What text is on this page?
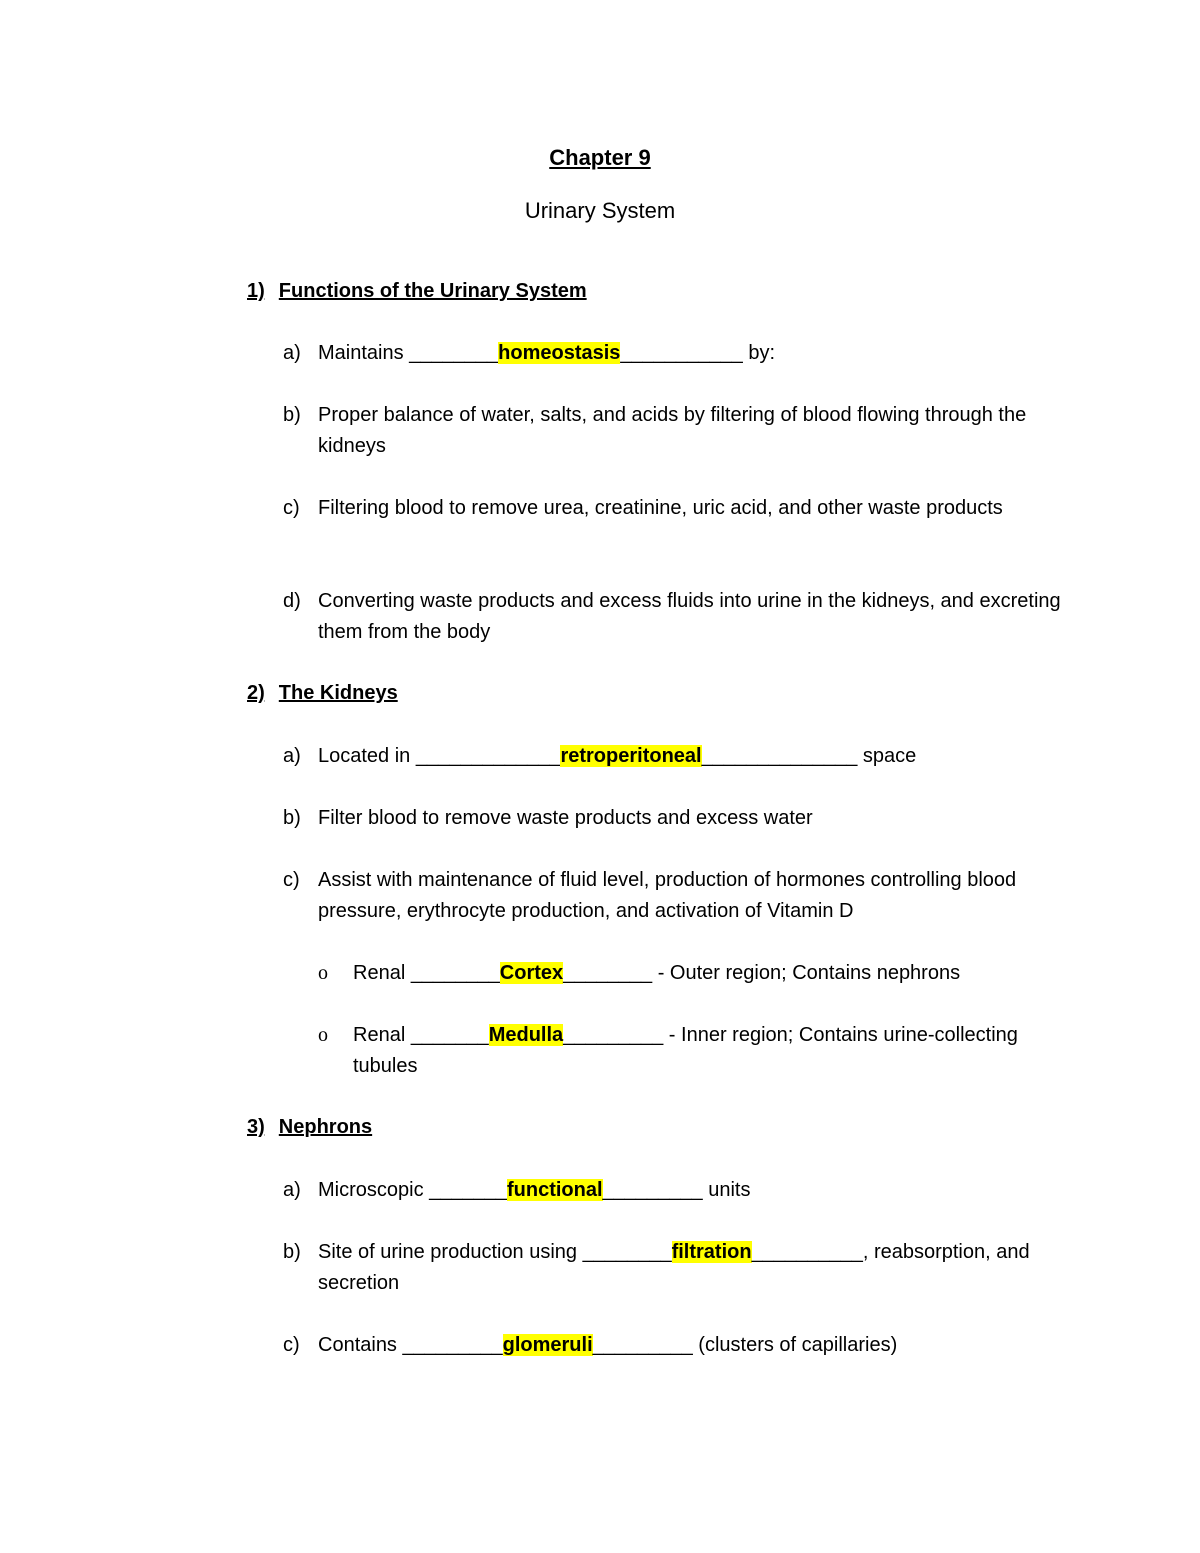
Chapter 9
Urinary System
1) Functions of the Urinary System
a) Maintains ________homeostasis___________ by:
b) Proper balance of water, salts, and acids by filtering of blood flowing through the kidneys
c) Filtering blood to remove urea, creatinine, uric acid, and other waste products
d) Converting waste products and excess fluids into urine in the kidneys, and excreting them from the body
2) The Kidneys
a) Located in _____________retroperitoneal______________ space
b) Filter blood to remove waste products and excess water
c) Assist with maintenance of fluid level, production of hormones controlling blood pressure, erythrocyte production, and activation of Vitamin D
o Renal ________Cortex________ - Outer region; Contains nephrons
o Renal _______Medulla_________ - Inner region; Contains urine-collecting tubules
3) Nephrons
a) Microscopic _______functional_________ units
b) Site of urine production using ________filtration__________, reabsorption, and secretion
c) Contains _________glomeruli_________ (clusters of capillaries)
